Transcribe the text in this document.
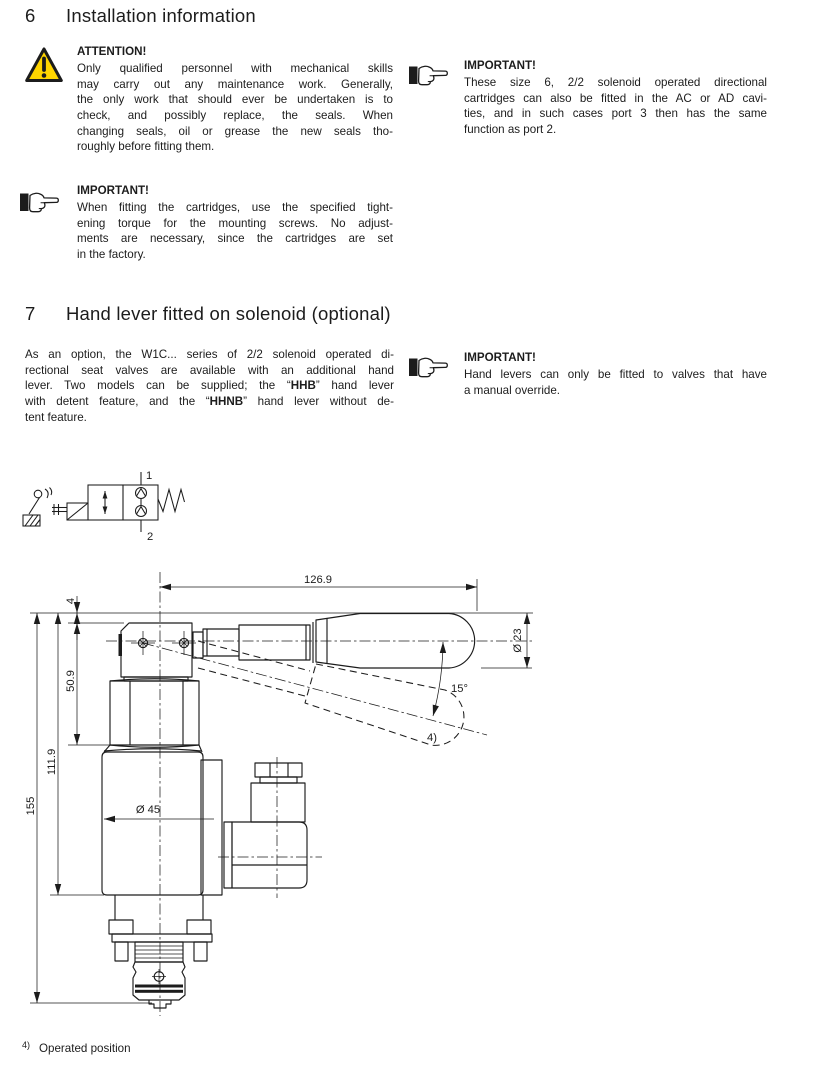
6	Installation information
ATTENTION!
Only qualified personnel with mechanical skills
may carry out any maintenance work. Generally,
the only work that should ever be undertaken is to
check, and possibly replace, the seals. When
changing seals, oil or grease the new seals tho-
roughly before fitting them.
IMPORTANT!
When fitting the cartridges, use the specified tight-
ening torque for the mounting screws. No adjust-
ments are necessary, since the cartridges are set
in the factory.
IMPORTANT!
These size 6, 2/2 solenoid operated directional
cartridges can also be fitted in the AC or AD cavi-
ties, and in such cases port 3 then has the same
function as port 2.
7	Hand lever fitted on solenoid (optional)
As an option, the W1C... series of 2/2 solenoid operated di-
rectional seat valves are available with an additional hand
lever. Two models can be supplied; the “HHB” hand lever
with detent feature, and the “HHNB” hand lever without de-
tent feature.
IMPORTANT!
Hand levers can only be fitted to valves that have
a manual override.
1
2
126.9
4
50.9
111.9
155
Ø 23
Ø 45
15°
4)
$^{4)}$ Operated position
